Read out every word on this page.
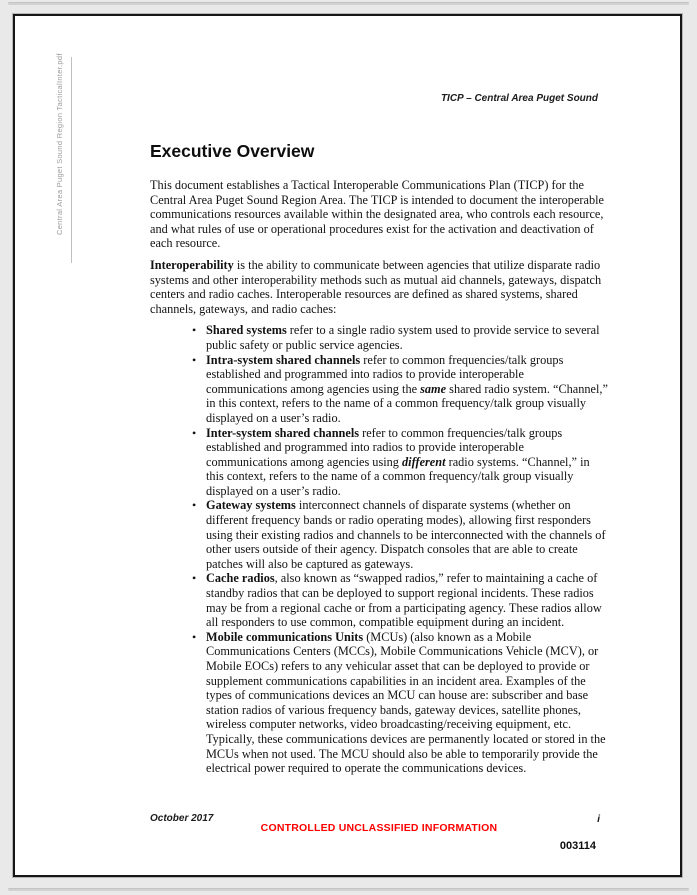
Central Area Puget Sound Region TacticalInter.pdf	TICP – Central Area Puget Sound
Executive Overview

This document establishes a Tactical Interoperable Communications Plan (TICP) for the Central Area Puget Sound Region Area. The TICP is intended to document the interoperable communications resources available within the designated area, who controls each resource, and what rules of use or operational procedures exist for the activation and deactivation of each resource.

Interoperability is the ability to communicate between agencies that utilize disparate radio systems and other interoperability methods such as mutual aid channels, gateways, dispatch centers and radio caches. Interoperable resources are defined as shared systems, shared channels, gateways, and radio caches:

• Shared systems refer to a single radio system used to provide service to several public safety or public service agencies.
• Intra-system shared channels refer to common frequencies/talk groups established and programmed into radios to provide interoperable communications among agencies using the same shared radio system. “Channel,” in this context, refers to the name of a common frequency/talk group visually displayed on a user’s radio.
• Inter-system shared channels refer to common frequencies/talk groups established and programmed into radios to provide interoperable communications among agencies using different radio systems. “Channel,” in this context, refers to the name of a common frequency/talk group visually displayed on a user’s radio.
• Gateway systems interconnect channels of disparate systems (whether on different frequency bands or radio operating modes), allowing first responders using their existing radios and channels to be interconnected with the channels of other users outside of their agency. Dispatch consoles that are able to create patches will also be captured as gateways.
• Cache radios, also known as “swapped radios,” refer to maintaining a cache of standby radios that can be deployed to support regional incidents. These radios may be from a regional cache or from a participating agency. These radios allow all responders to use common, compatible equipment during an incident.
• Mobile communications Units (MCUs) (also known as a Mobile Communications Centers (MCCs), Mobile Communications Vehicle (MCV), or Mobile EOCs) refers to any vehicular asset that can be deployed to provide or supplement communications capabilities in an incident area. Examples of the types of communications devices an MCU can house are: subscriber and base station radios of various frequency bands, gateway devices, satellite phones, wireless computer networks, video broadcasting/receiving equipment, etc. Typically, these communications devices are permanently located or stored in the MCUs when not used. The MCU should also be able to temporarily provide the electrical power required to operate the communications devices.
October 2017	i
CONTROLLED UNCLASSIFIED INFORMATION
003114
